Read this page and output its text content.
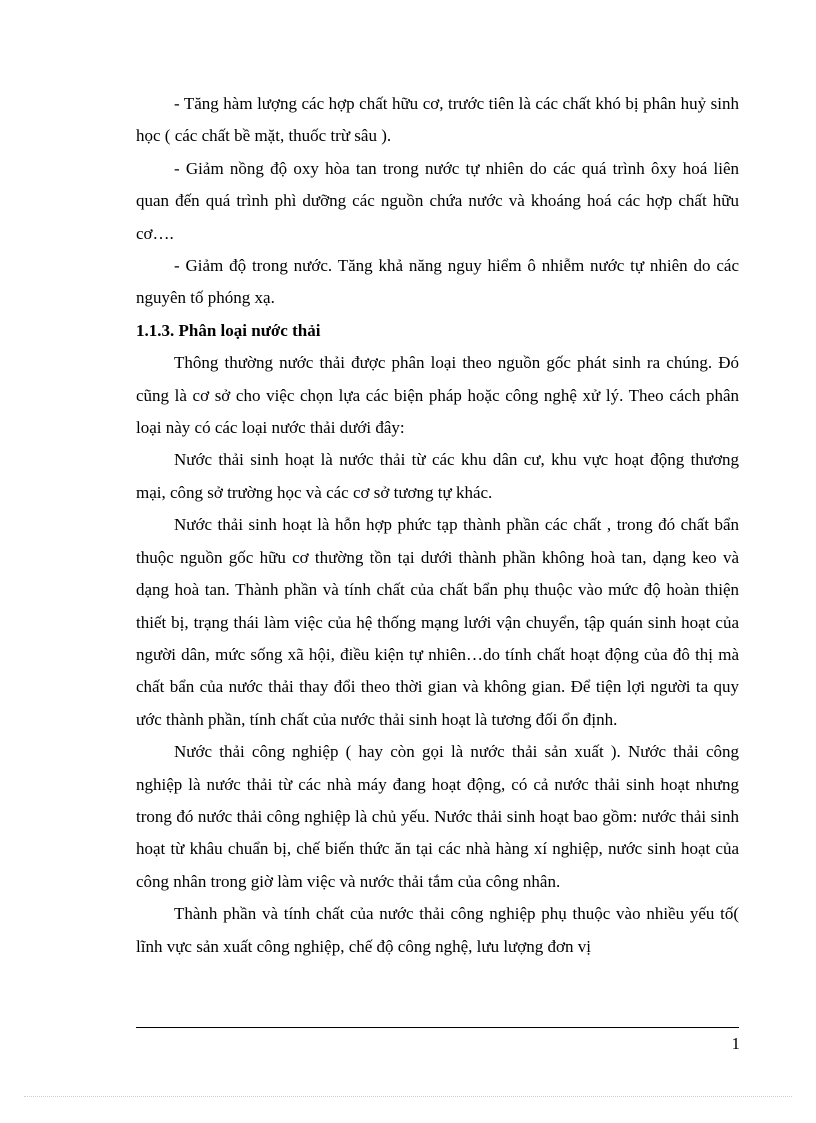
- Tăng hàm lượng các hợp chất hữu cơ, trước tiên là các chất khó bị phân huỷ sinh học ( các chất bề mặt, thuốc trừ sâu ).

- Giảm nồng độ oxy hòa tan trong nước tự nhiên do các quá trình ôxy hoá liên quan đến quá trình phì dưỡng các nguồn chứa nước và khoáng hoá các hợp chất hữu cơ….

- Giảm độ trong nước. Tăng khả năng nguy hiểm ô nhiễm nước tự nhiên do các nguyên tố phóng xạ.

1.1.3. Phân loại nước thải

Thông thường nước thải được phân loại theo nguồn gốc phát sinh ra chúng. Đó cũng là cơ sở cho việc chọn lựa các biện pháp hoặc công nghệ xử lý. Theo cách phân loại này có các loại nước thải dưới đây:

Nước thải sinh hoạt là nước thải từ các khu dân cư, khu vực hoạt động thương mại, công sở trường học và các cơ sở tương tự khác.

Nước thải sinh hoạt là hỗn hợp phức tạp thành phần các chất , trong đó chất bẩn thuộc nguồn gốc hữu cơ thường tồn tại dưới thành phần không hoà tan, dạng keo và dạng hoà tan. Thành phần và tính chất của chất bẩn phụ thuộc vào mức độ hoàn thiện thiết bị, trạng thái làm việc của hệ thống mạng lưới vận chuyển, tập quán sinh hoạt của người dân, mức sống xã hội, điều kiện tự nhiên…do tính chất hoạt động của đô thị mà chất bẩn của nước thải thay đổi theo thời gian và không gian. Để tiện lợi người ta quy ước thành phần, tính chất của nước thải sinh hoạt là tương đối ổn định.

Nước thải công nghiệp ( hay còn gọi là nước thải sản xuất ). Nước thải công nghiệp là nước thải từ các nhà máy đang hoạt động, có cả nước thải sinh hoạt nhưng trong đó nước thải công nghiệp là chủ yếu. Nước thải sinh hoạt bao gồm: nước thải sinh hoạt từ khâu chuẩn bị, chế biến thức ăn tại các nhà hàng xí nghiệp, nước sinh hoạt của công nhân trong giờ làm việc và nước thải tắm của công nhân.

Thành phần và tính chất của nước thải công nghiệp phụ thuộc vào nhiều yếu tố( lĩnh vực sản xuất công nghiệp, chế độ công nghệ, lưu lượng đơn vị

1
